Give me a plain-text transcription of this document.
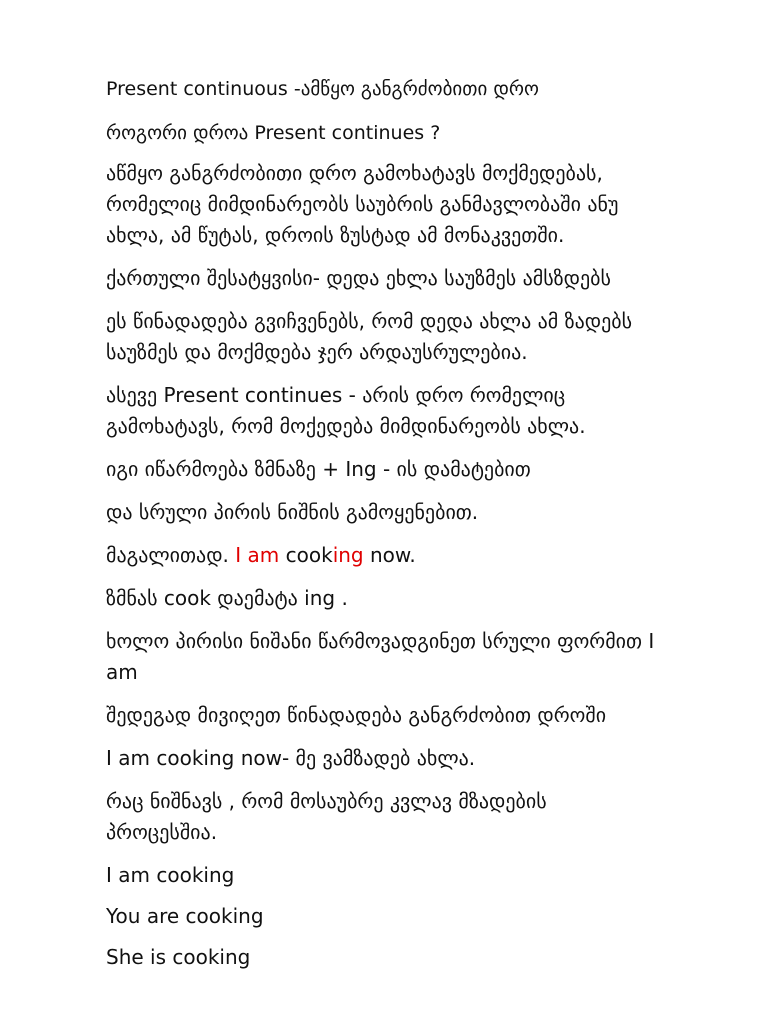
Present continuous -ამწყო განგრძობითი დრო

როგორი დროა Present continues ?

აწმყო განგრძობითი დრო გამოხატავს მოქმედებას,

რომელიც მიმდინარეობს საუბრის განმავლობაში ანუ

ახლა, ამ წუტას, დროის ზუსტად ამ მონაკვეთში.

ქართული შესატყვისი- დედა ეხლა საუზმეს ამსზდებს

ეს წინადადება გვიჩვენებს, რომ დედა ახლა ამ ზადებს

საუზმეს და მოქმდება ჯერ არდაუსრულებია.

ასევე Present continues - არის დრო რომელიც

გამოხატავს, რომ მოქედება მიმდინარეობს ახლა.

იგი იწარმოება ზმნაზე + Ing - ის დამატებით

და სრული პირის ნიშნის გამოყენებით.

მაგალითად. I am cooking now.

ზმნას cook დაემატა ing .

ხოლო პირისი ნიშანი წარმოვადგინეთ სრული ფორმით I

am

შედეგად მივიღეთ წინადადება განგრძობით დროში

I am cooking now- მე ვამზადებ ახლა.

რაც ნიშნავს , რომ მოსაუბრე კვლავ მზადების

პროცესშია.

I am cooking

You are cooking

She is cooking
